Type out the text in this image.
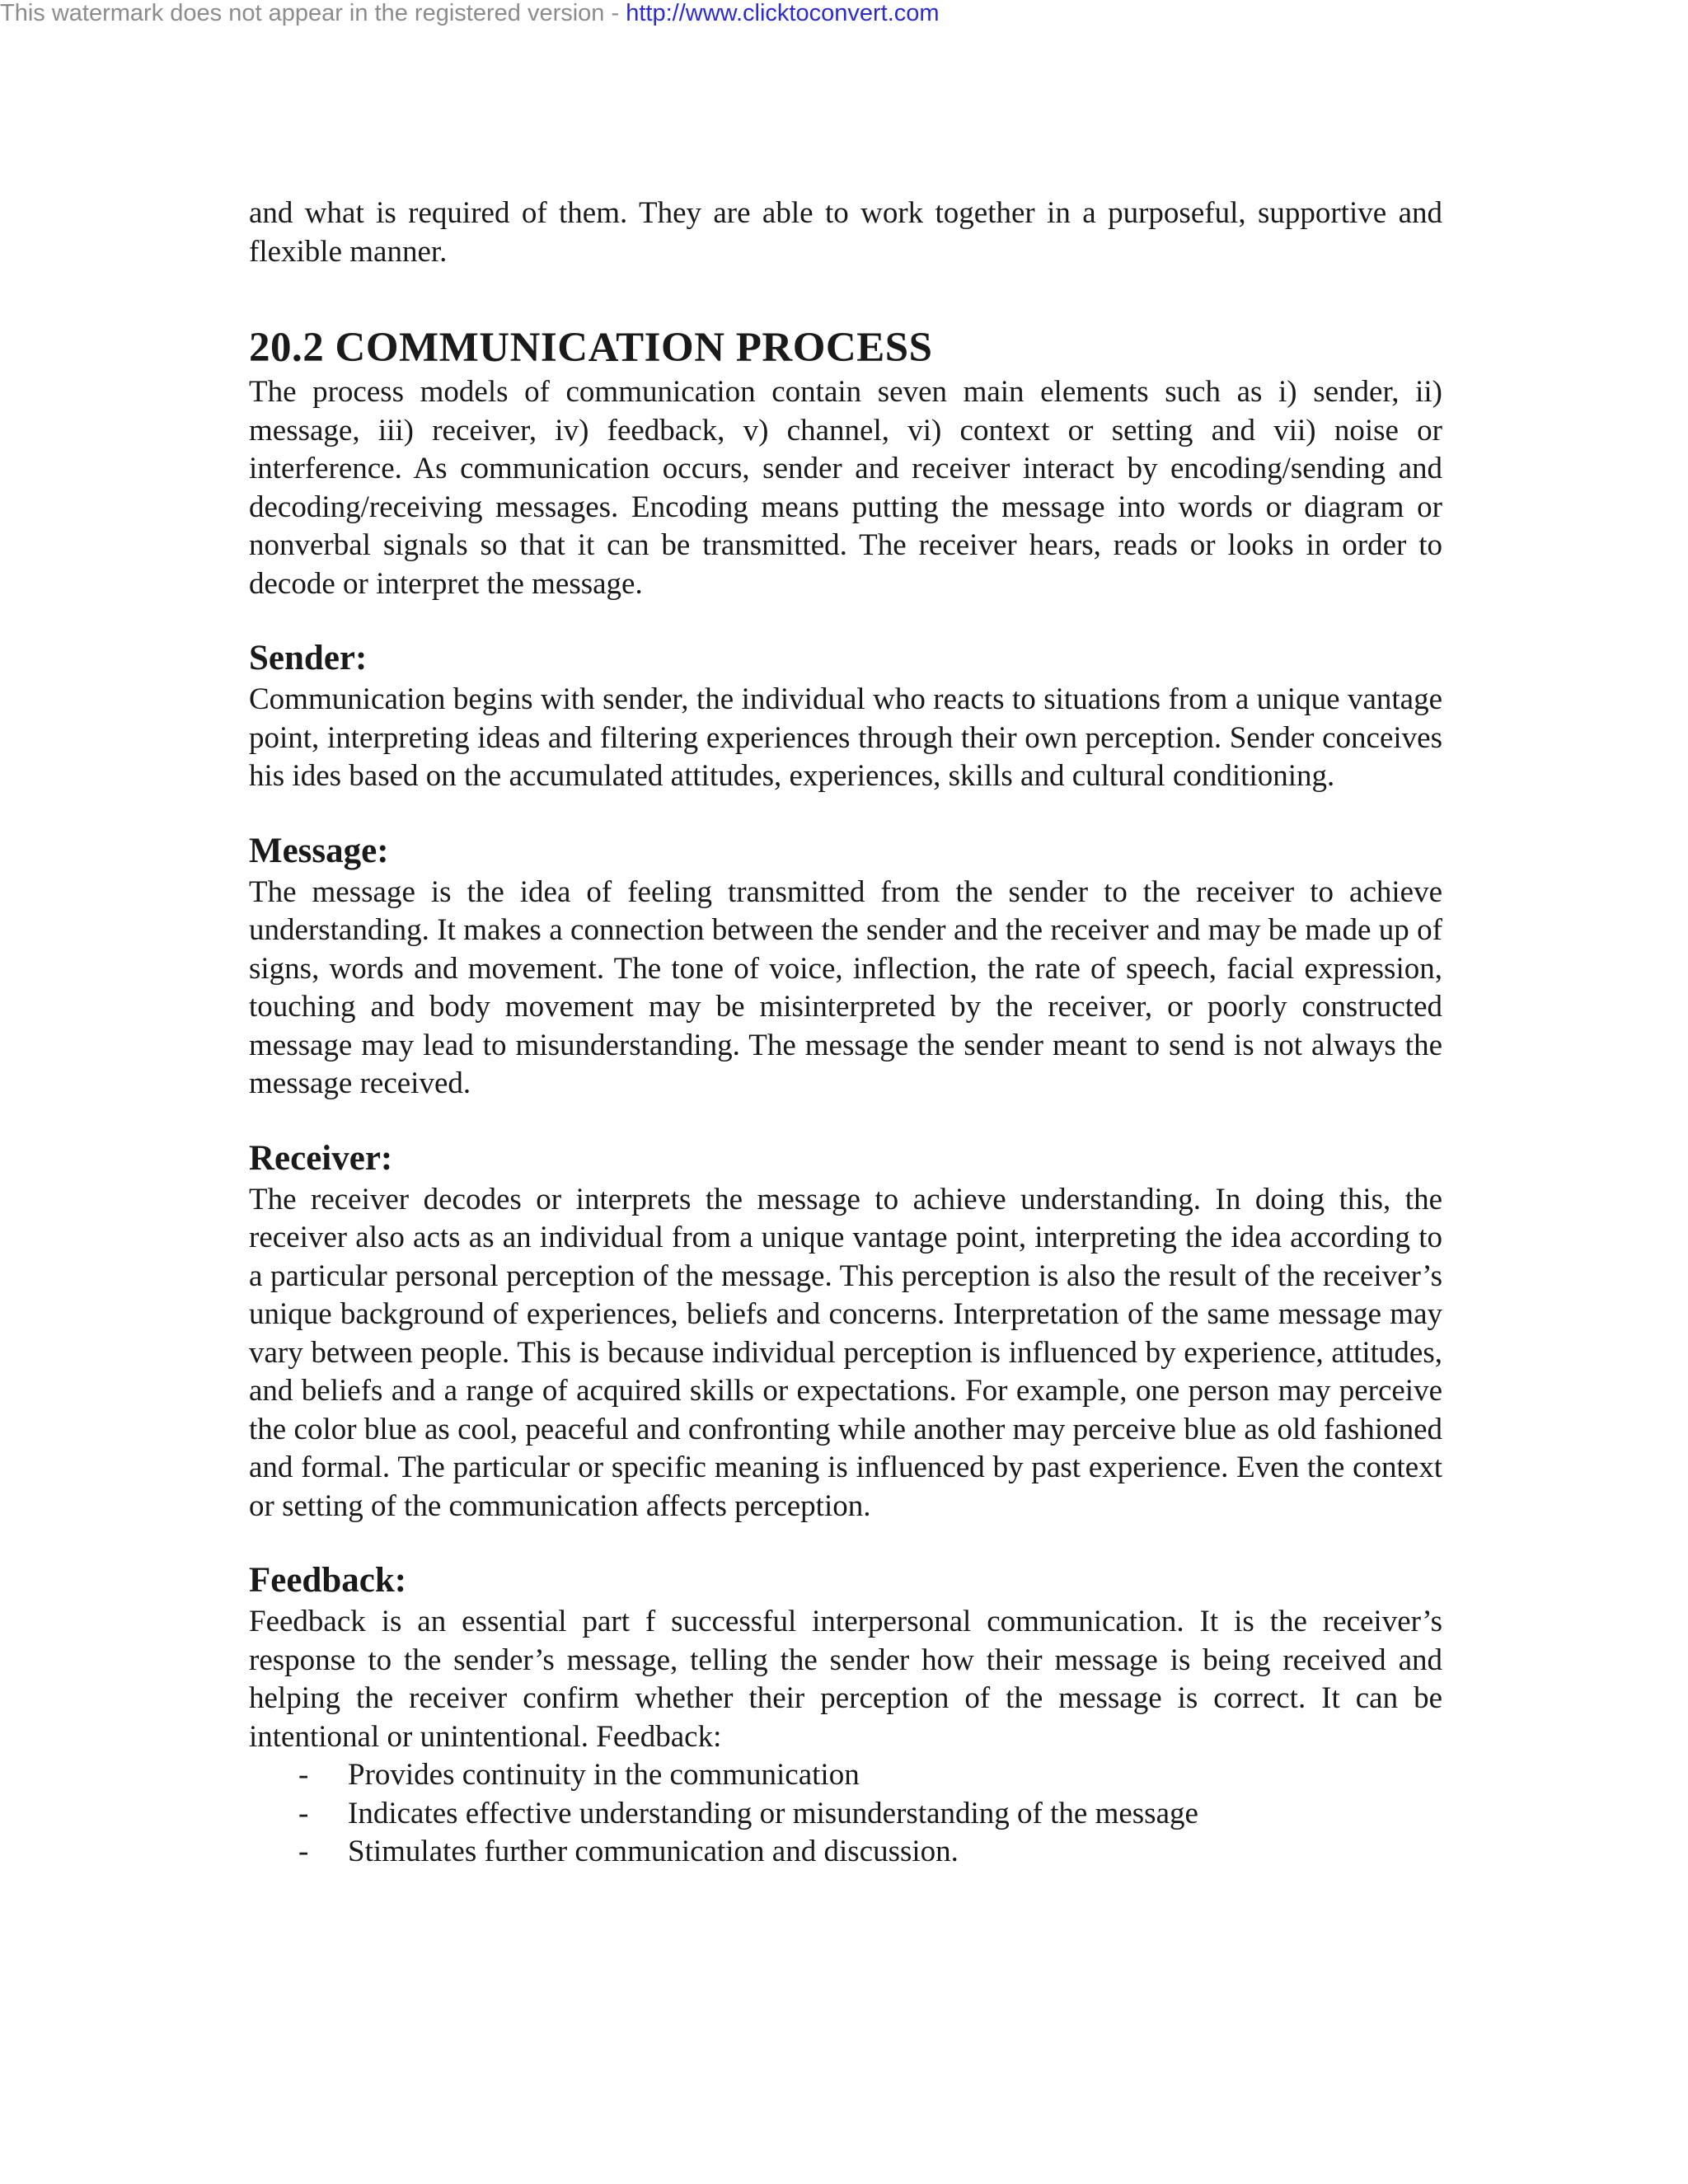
This watermark does not appear in the registered version - http://www.clicktoconvert.com

and what is required of them. They are able to work together in a purposeful, supportive and flexible manner.

20.2 COMMUNICATION PROCESS

The process models of communication contain seven main elements such as i) sender, ii) message, iii) receiver, iv) feedback, v) channel, vi) context or setting and vii) noise or interference. As communication occurs, sender and receiver interact by encoding/sending and decoding/receiving messages. Encoding means putting the message into words or diagram or nonverbal signals so that it can be transmitted. The receiver hears, reads or looks in order to decode or interpret the message.

Sender:

Communication begins with sender, the individual who reacts to situations from a unique vantage point, interpreting ideas and filtering experiences through their own perception. Sender conceives his ides based on the accumulated attitudes, experiences, skills and cultural conditioning.

Message:

The message is the idea of feeling transmitted from the sender to the receiver to achieve understanding. It makes a connection between the sender and the receiver and may be made up of signs, words and movement. The tone of voice, inflection, the rate of speech, facial expression, touching and body movement may be misinterpreted by the receiver, or poorly constructed message may lead to misunderstanding. The message the sender meant to send is not always the message received.

Receiver:

The receiver decodes or interprets the message to achieve understanding. In doing this, the receiver also acts as an individual from a unique vantage point, interpreting the idea according to a particular personal perception of the message. This perception is also the result of the receiver’s unique background of experiences, beliefs and concerns. Interpretation of the same message may vary between people. This is because individual perception is influenced by experience, attitudes, and beliefs and a range of acquired skills or expectations. For example, one person may perceive the color blue as cool, peaceful and confronting while another may perceive blue as old fashioned and formal. The particular or specific meaning is influenced by past experience. Even the context or setting of the communication affects perception.

Feedback:

Feedback is an essential part f successful interpersonal communication. It is the receiver’s response to the sender’s message, telling the sender how their message is being received and helping the receiver confirm whether their perception of the message is correct. It can be intentional or unintentional. Feedback:

- Provides continuity in the communication
- Indicates effective understanding or misunderstanding of the message
- Stimulates further communication and discussion.
